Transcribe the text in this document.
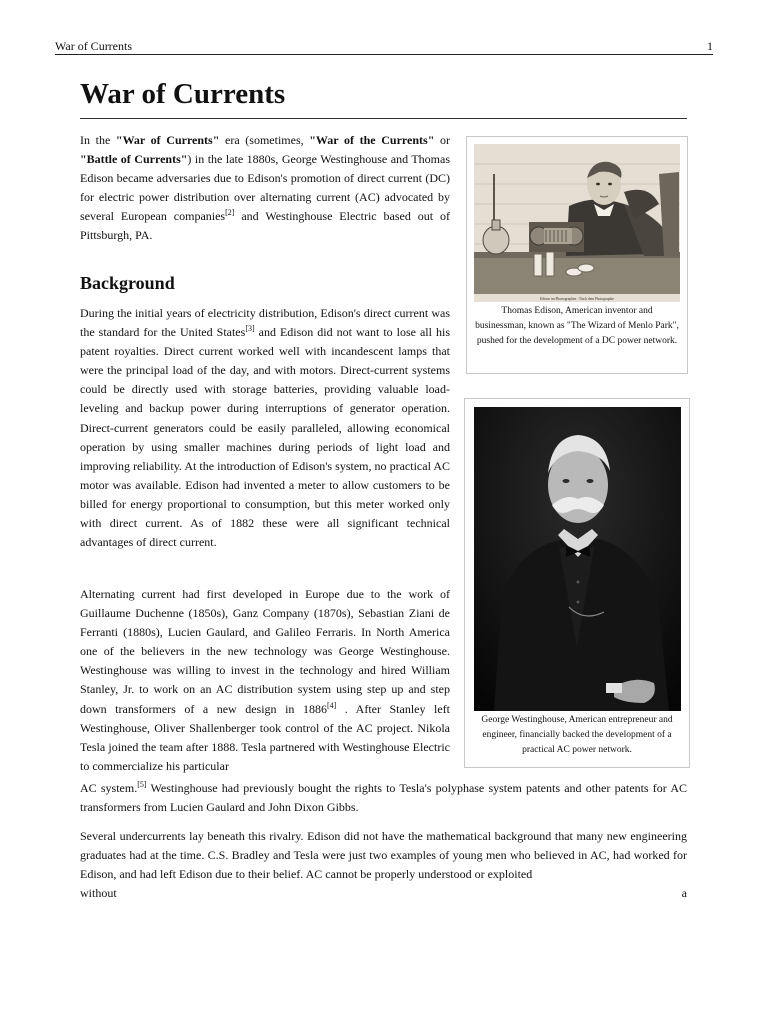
War of Currents	1
War of Currents

In the "War of Currents" era (sometimes, "War of the Currents" or "Battle of Currents") in the late 1880s, George Westinghouse and Thomas Edison became adversaries due to Edison's promotion of direct current (DC) for electric power distribution over alternating current (AC) advocated by several European companies[2] and Westinghouse Electric based out of Pittsburgh, PA.

Background

During the initial years of electricity distribution, Edison's direct current was the standard for the United States[3] and Edison did not want to lose all his patent royalties. Direct current worked well with incandescent lamps that were the principal load of the day, and with motors. Direct-current systems could be directly used with storage batteries, providing valuable load-leveling and backup power during interruptions of generator operation. Direct-current generators could be easily paralleled, allowing economical operation by using smaller machines during periods of light load and improving reliability. At the introduction of Edison's system, no practical AC motor was available. Edison had invented a meter to allow customers to be billed for energy proportional to consumption, but this meter worked only with direct current. As of 1882 these were all significant technical advantages of direct current.

Alternating current had first developed in Europe due to the work of Guillaume Duchenne (1850s), Ganz Company (1870s), Sebastian Ziani de Ferranti (1880s), Lucien Gaulard, and Galileo Ferraris. In North America one of the believers in the new technology was George Westinghouse. Westinghouse was willing to invest in the technology and hired William Stanley, Jr. to work on an AC distribution system using step up and step down transformers of a new design in 1886[4] . After Stanley left Westinghouse, Oliver Shallenberger took control of the AC project. Nikola Tesla joined the team after 1888. Tesla partnered with Westinghouse Electric to commercialize his particular

AC system.[5] Westinghouse had previously bought the rights to Tesla's polyphase system patents and other patents for AC transformers from Lucien Gaulard and John Dixon Gibbs.

Several undercurrents lay beneath this rivalry. Edison did not have the mathematical background that many new engineering graduates had at the time. C.S. Bradley and Tesla were just two examples of young men who believed in AC, had worked for Edison, and had left Edison due to their belief. AC cannot be properly understood or exploited
without	a

Edison im Phonographen · Nach dem Photographie

Thomas Edison, American inventor and businessman, known as "The Wizard of Menlo Park", pushed for the development of a DC power network.

George Westinghouse, American entrepreneur and engineer, financially backed the development of a practical AC power network.
